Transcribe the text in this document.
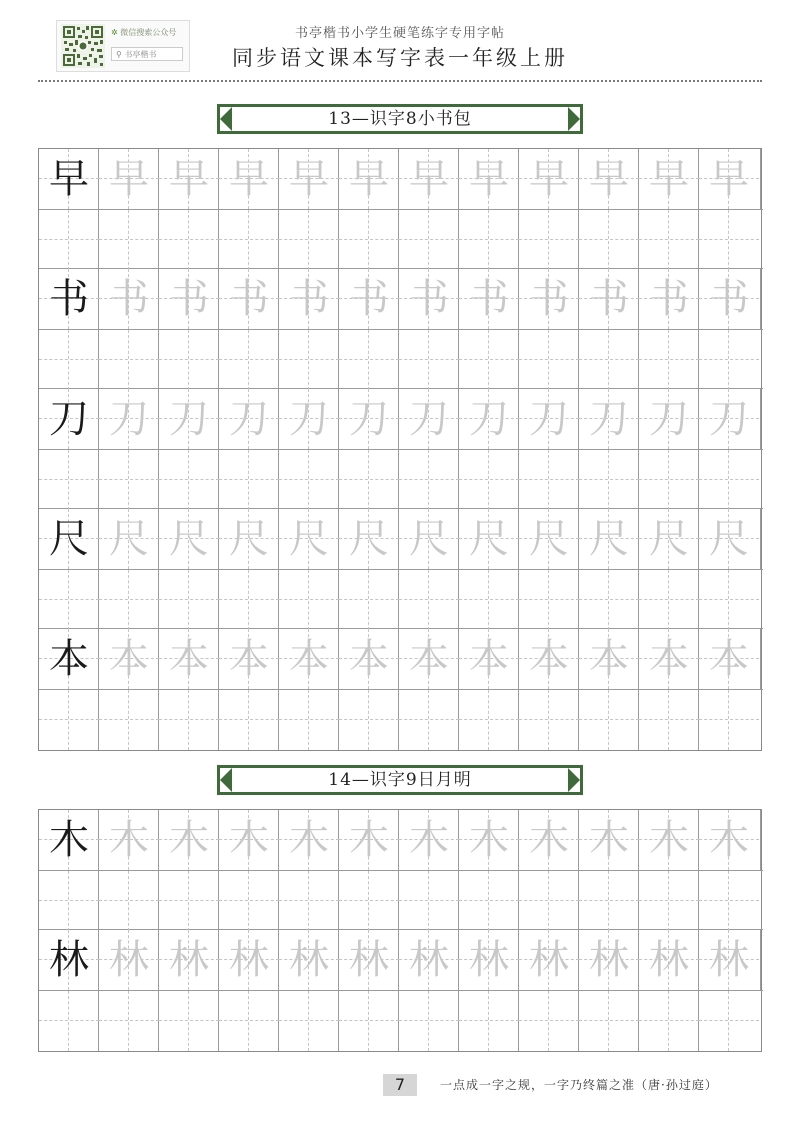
✲ 微信搜索公众号
⚲ 书亭楷书
书亭楷书小学生硬笔练字专用字帖
同步语文课本写字表一年级上册
13—识字8小书包
早 早 早 早 早 早 早 早 早 早 早 早
书 书 书 书 书 书 书 书 书 书 书 书
刀 刀 刀 刀 刀 刀 刀 刀 刀 刀 刀 刀
尺 尺 尺 尺 尺 尺 尺 尺 尺 尺 尺 尺
本 本 本 本 本 本 本 本 本 本 本 本
14—识字9日月明
木 木 木 木 木 木 木 木 木 木 木 木
林 林 林 林 林 林 林 林 林 林 林 林
7	一点成一字之规，一字乃终篇之准（唐·孙过庭）
